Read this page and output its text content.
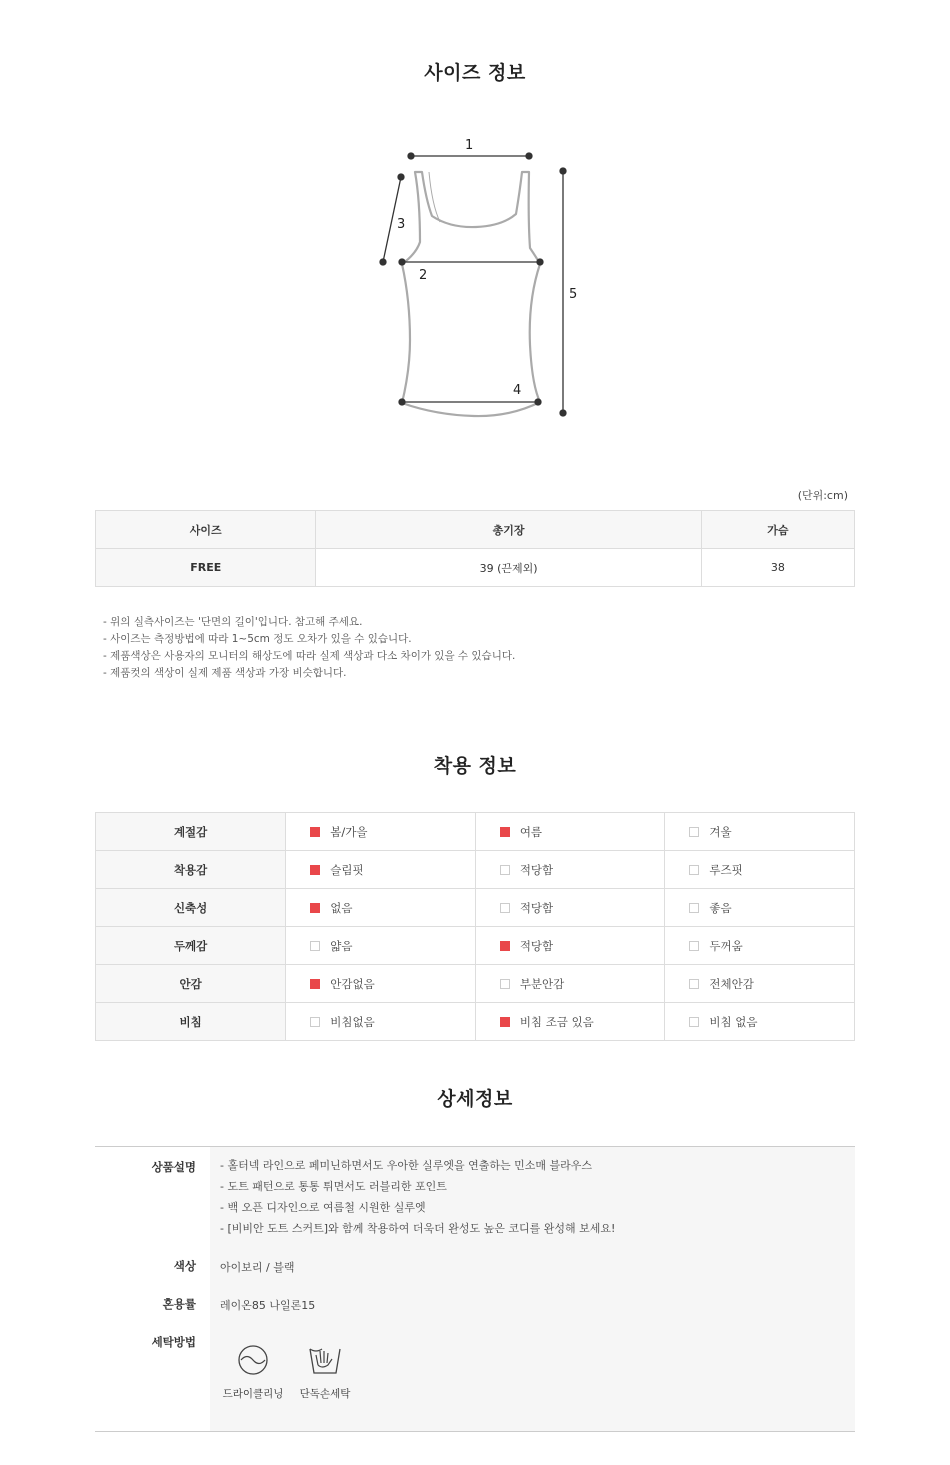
사이즈 정보
1
2
3
4
5
(단위:cm)
사이즈	총기장	가슴
FREE	39 (끈제외)	38
- 위의 실측사이즈는 '단면의 길이'입니다. 참고해 주세요.
- 사이즈는 측정방법에 따라 1~5cm 정도 오차가 있을 수 있습니다.
- 제품색상은 사용자의 모니터의 해상도에 따라 실제 색상과 다소 차이가 있을 수 있습니다.
- 제품컷의 색상이 실제 제품 색상과 가장 비슷합니다.
착용 정보
계절감	봄/가을	여름	겨울
착용감	슬림핏	적당함	루즈핏
신축성	없음	적당함	좋음
두께감	얇음	적당함	두꺼움
안감	안감없음	부분안감	전체안감
비침	비침없음	비침 조금 있음	비침 없음
상세정보
상품설명 - 홀터넥 라인으로 페미닌하면서도 우아한 실루엣을 연출하는 민소매 블라우스
- 도트 패턴으로 통통 튀면서도 러블리한 포인트
- 백 오픈 디자인으로 여름철 시원한 실루엣
- [비비안 도트 스커트]와 함께 착용하여 더욱더 완성도 높은 코디를 완성해 보세요!
색상 아이보리 / 블랙
혼용률 레이온85 나일론15
세탁방법
드라이클리닝	단독손세탁
